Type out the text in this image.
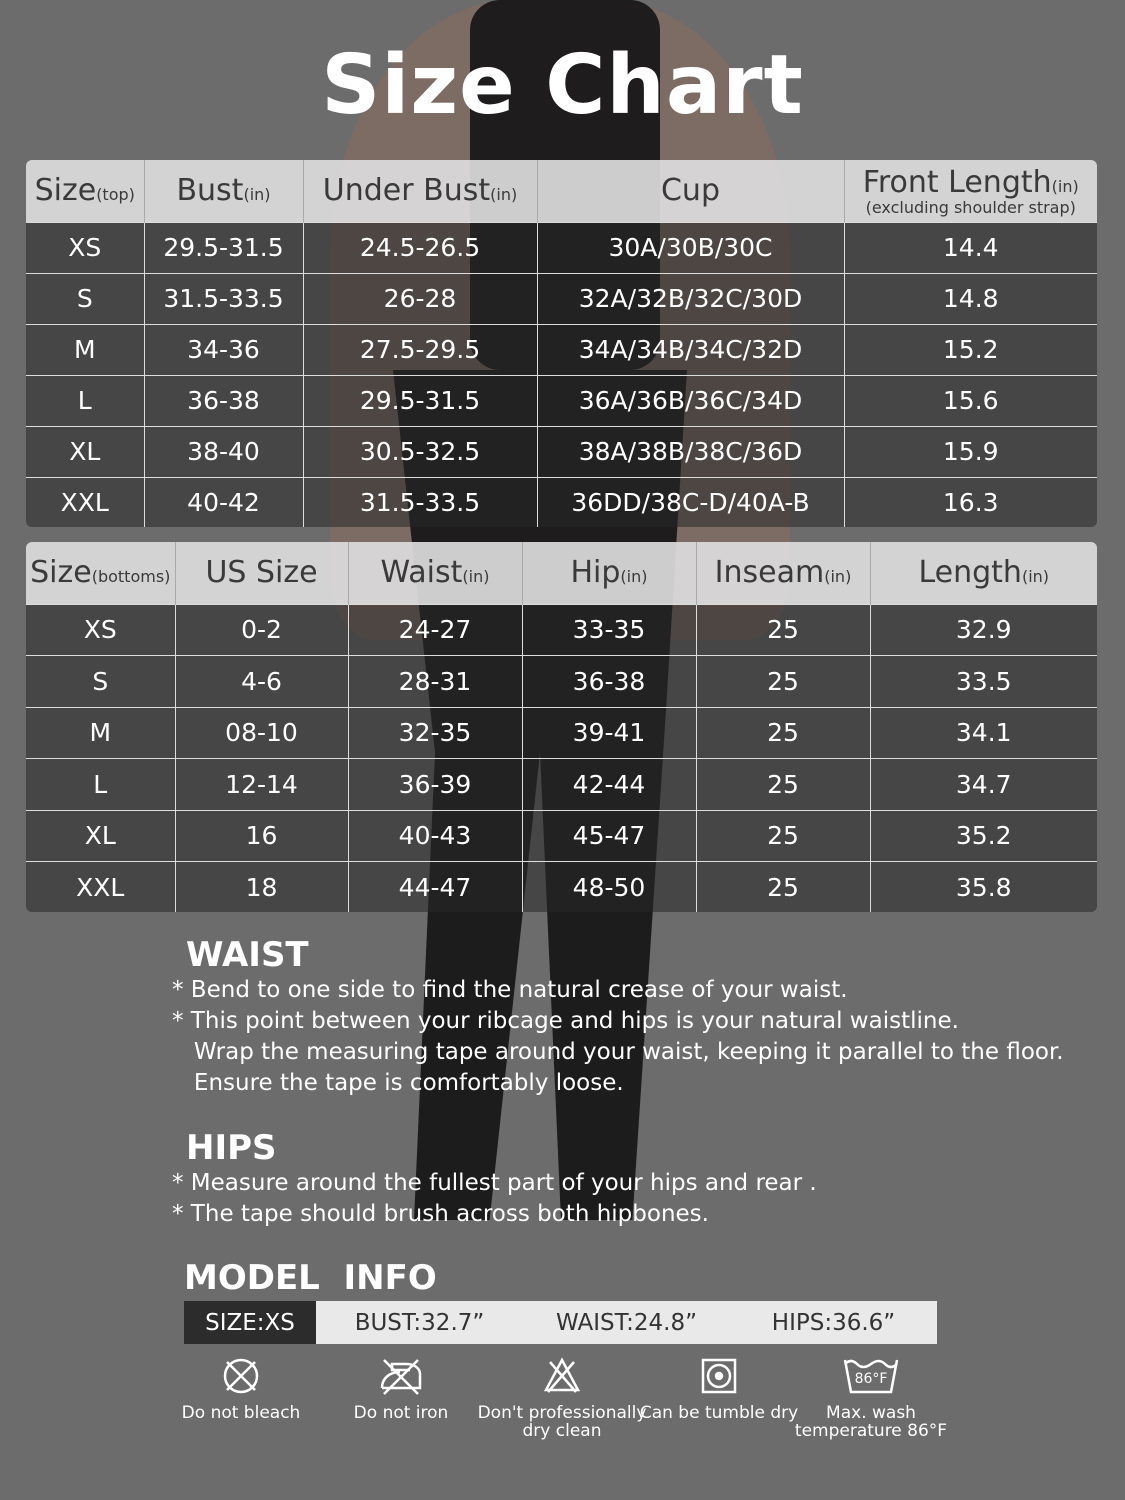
Size Chart
Size(top)	Bust(in)	Under Bust(in)	Cup	Front Length(in)
(excluding shoulder strap)

XS	29.5-31.5	24.5-26.5	30A/30B/30C	14.4
S	31.5-33.5	26-28	32A/32B/32C/30D	14.8
M	34-36	27.5-29.5	34A/34B/34C/32D	15.2
L	36-38	29.5-31.5	36A/36B/36C/34D	15.6
XL	38-40	30.5-32.5	38A/38B/38C/36D	15.9
XXL	40-42	31.5-33.5	36DD/38C-D/40A-B	16.3
Size(bottoms)	US Size	Waist(in)	Hip(in)	Inseam(in)	Length(in)
XS	0-2	24-27	33-35	25	32.9
S	4-6	28-31	36-38	25	33.5
M	08-10	32-35	39-41	25	34.1
L	12-14	36-39	42-44	25	34.7
XL	16	40-43	45-47	25	35.2
XXL	18	44-47	48-50	25	35.8
WAIST

* Bend to one side to find the natural crease of your waist.

* This point between your ribcage and hips is your natural waistline.

Wrap the measuring tape around your waist, keeping it parallel to the floor.

Ensure the tape is comfortably loose.

HIPS

* Measure around the fullest part of your hips and rear .

* The tape should brush across both hipbones.

MODEL  INFO
SIZE:XS	BUST:32.7”	WAIST:24.8”	HIPS:36.6”
Do not bleach	Do not iron	Don't professionally dry clean
Can be tumble dry
86°F
Max. wash temperature 86°F
